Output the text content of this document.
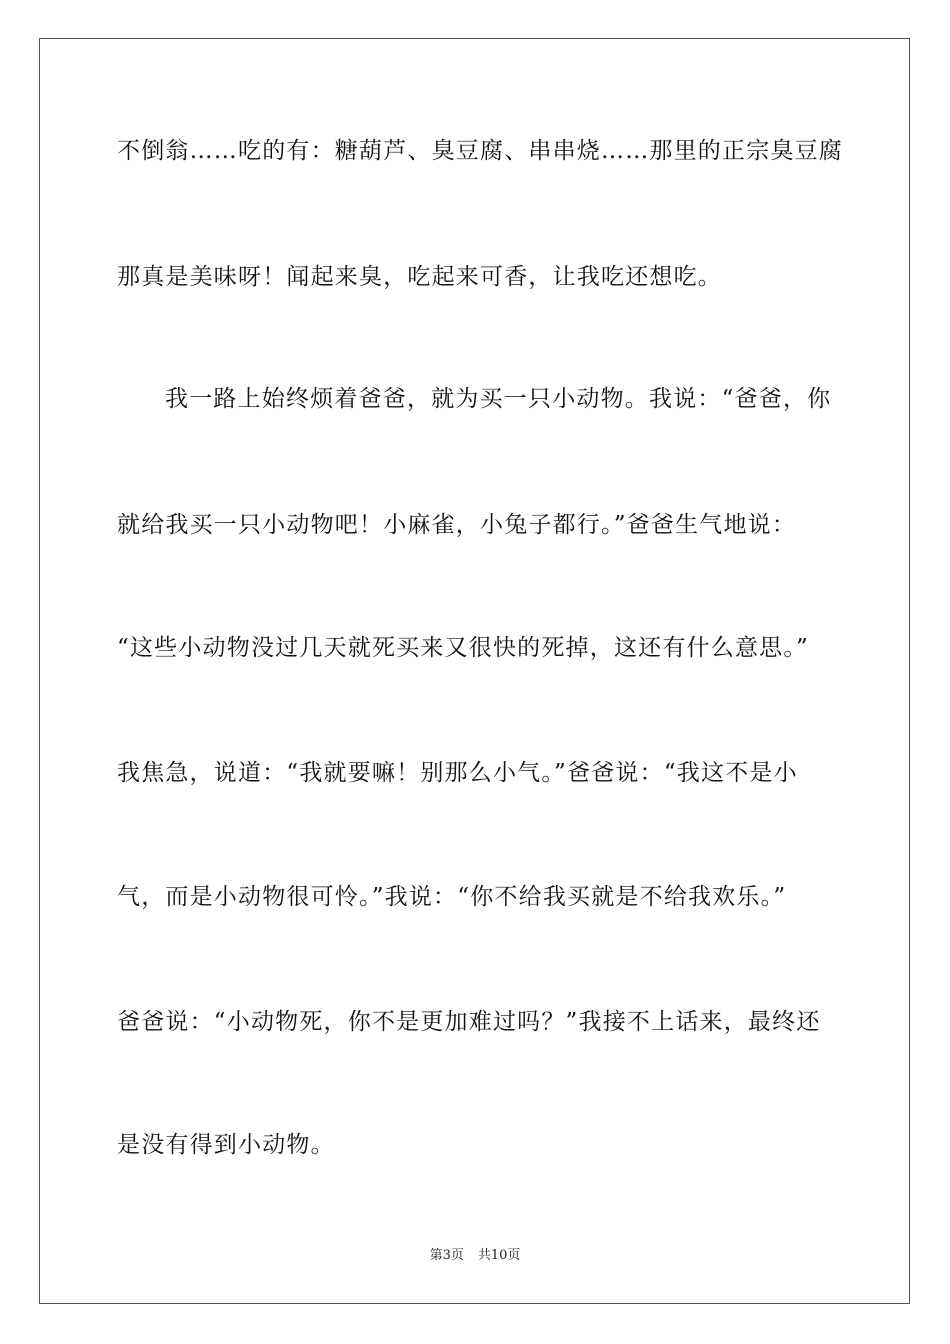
不倒翁……吃的有：糖葫芦、臭豆腐、串串烧……那里的正宗臭豆腐
那真是美味呀！闻起来臭，吃起来可香，让我吃还想吃。
我一路上始终烦着爸爸，就为买一只小动物。我说：“爸爸，你
就给我买一只小动物吧！小麻雀，小兔子都行。”爸爸生气地说：
“这些小动物没过几天就死买来又很快的死掉，这还有什么意思。”
我焦急，说道：“我就要嘛！别那么小气。”爸爸说：“我这不是小
气，而是小动物很可怜。”我说：“你不给我买就是不给我欢乐。”
爸爸说：“小动物死，你不是更加难过吗？”我接不上话来，最终还
是没有得到小动物。
第3页 共10页
